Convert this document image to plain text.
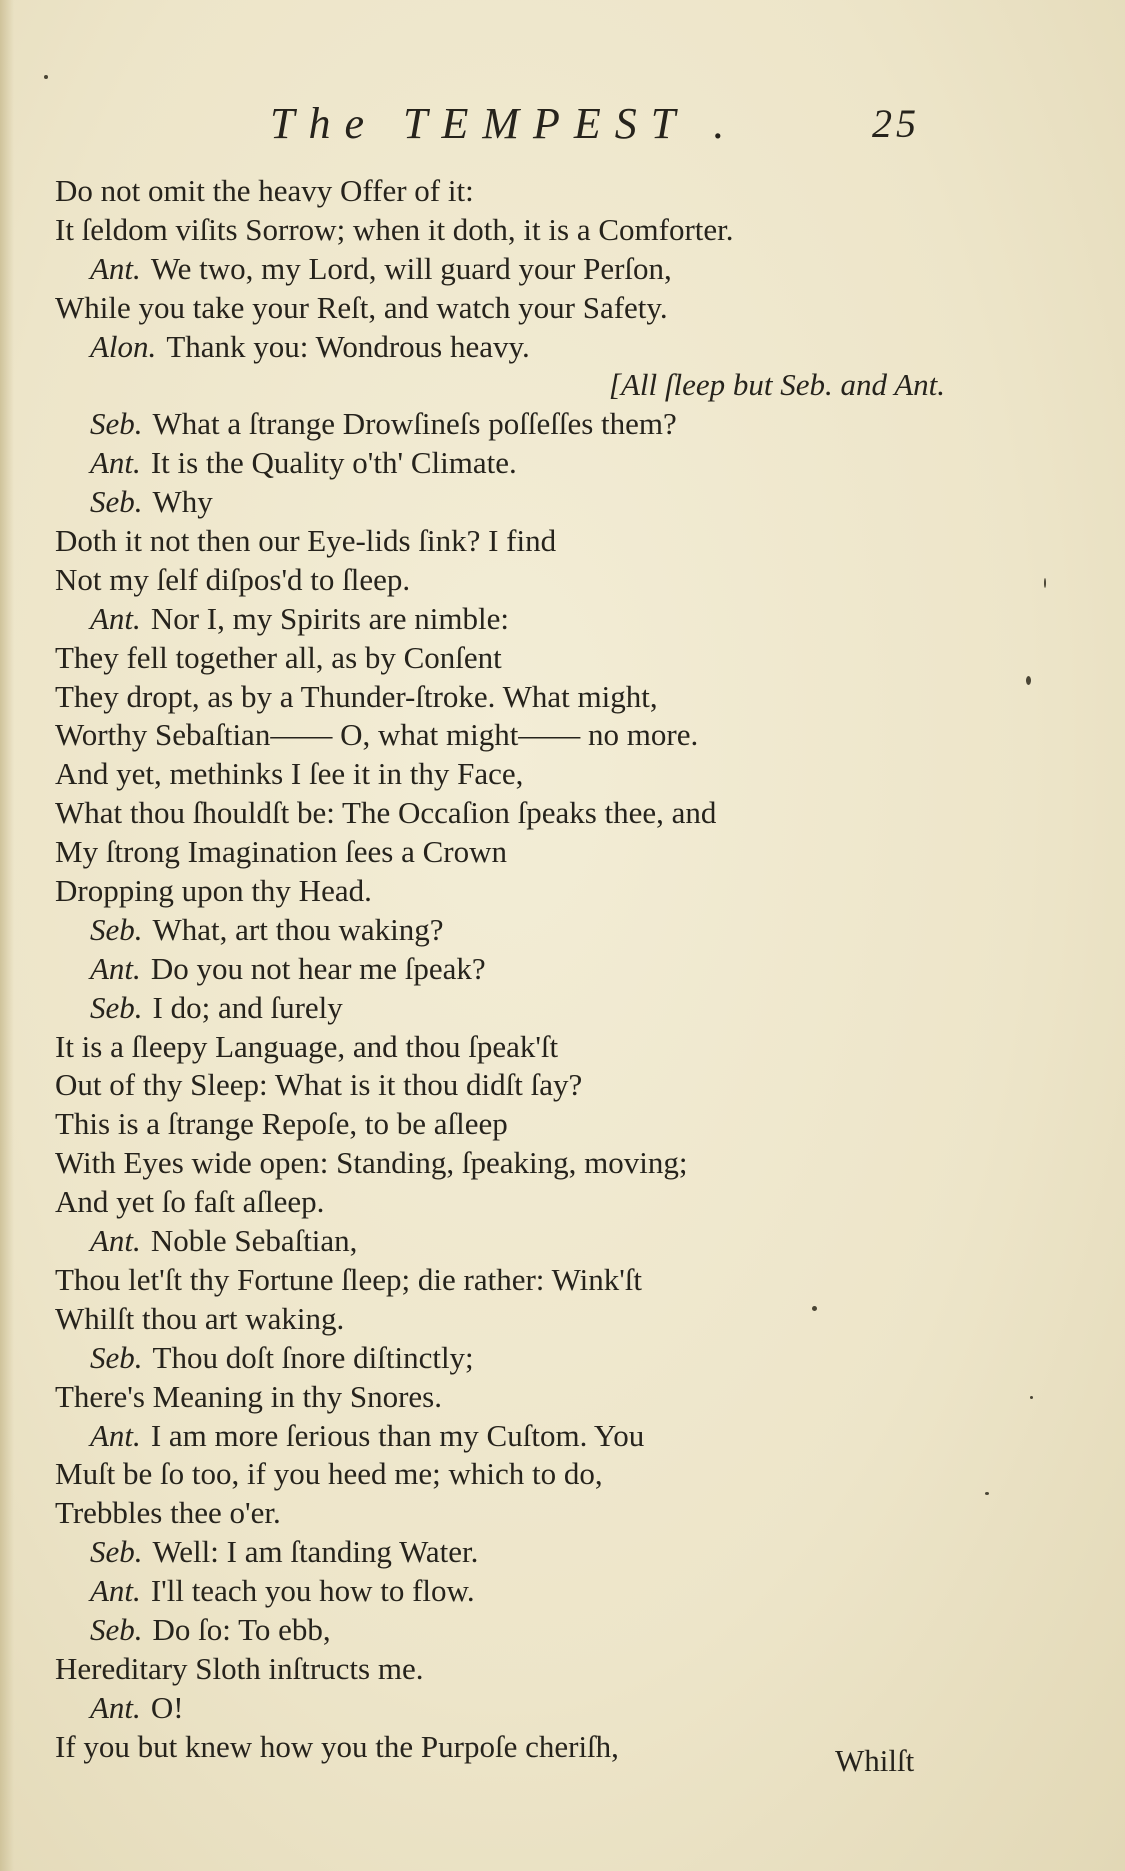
The TEMPEST .	25
Do not omit the heavy Offer of it:
It ſeldom viſits Sorrow; when it doth, it is a Comforter.
Ant. We two, my Lord, will guard your Perſon,
While you take your Reſt, and watch your Safety.
Alon. Thank you: Wondrous heavy.
[All ſleep but Seb. and Ant.
Seb. What a ſtrange Drowſineſs poſſeſſes them?
Ant. It is the Quality o'th' Climate.
Seb. Why
Doth it not then our Eye-lids ſink? I find
Not my ſelf diſpos'd to ſleep.
Ant. Nor I, my Spirits are nimble:
They fell together all, as by Conſent
They dropt, as by a Thunder-ſtroke. What might,
Worthy Sebaſtian—— O, what might—— no more.
And yet, methinks I ſee it in thy Face,
What thou ſhouldſt be: The Occaſion ſpeaks thee, and
My ſtrong Imagination ſees a Crown
Dropping upon thy Head.
Seb. What, art thou waking?
Ant. Do you not hear me ſpeak?
Seb. I do; and ſurely
It is a ſleepy Language, and thou ſpeak'ſt
Out of thy Sleep: What is it thou didſt ſay?
This is a ſtrange Repoſe, to be aſleep
With Eyes wide open: Standing, ſpeaking, moving;
And yet ſo faſt aſleep.
Ant. Noble Sebaſtian,
Thou let'ſt thy Fortune ſleep; die rather: Wink'ſt
Whilſt thou art waking.
Seb. Thou doſt ſnore diſtinctly;
There's Meaning in thy Snores.
Ant. I am more ſerious than my Cuſtom. You
Muſt be ſo too, if you heed me; which to do,
Trebbles thee o'er.
Seb. Well: I am ſtanding Water.
Ant. I'll teach you how to flow.
Seb. Do ſo: To ebb,
Hereditary Sloth inſtructs me.
Ant. O!
If you but knew how you the Purpoſe cheriſh,	Whilſt
